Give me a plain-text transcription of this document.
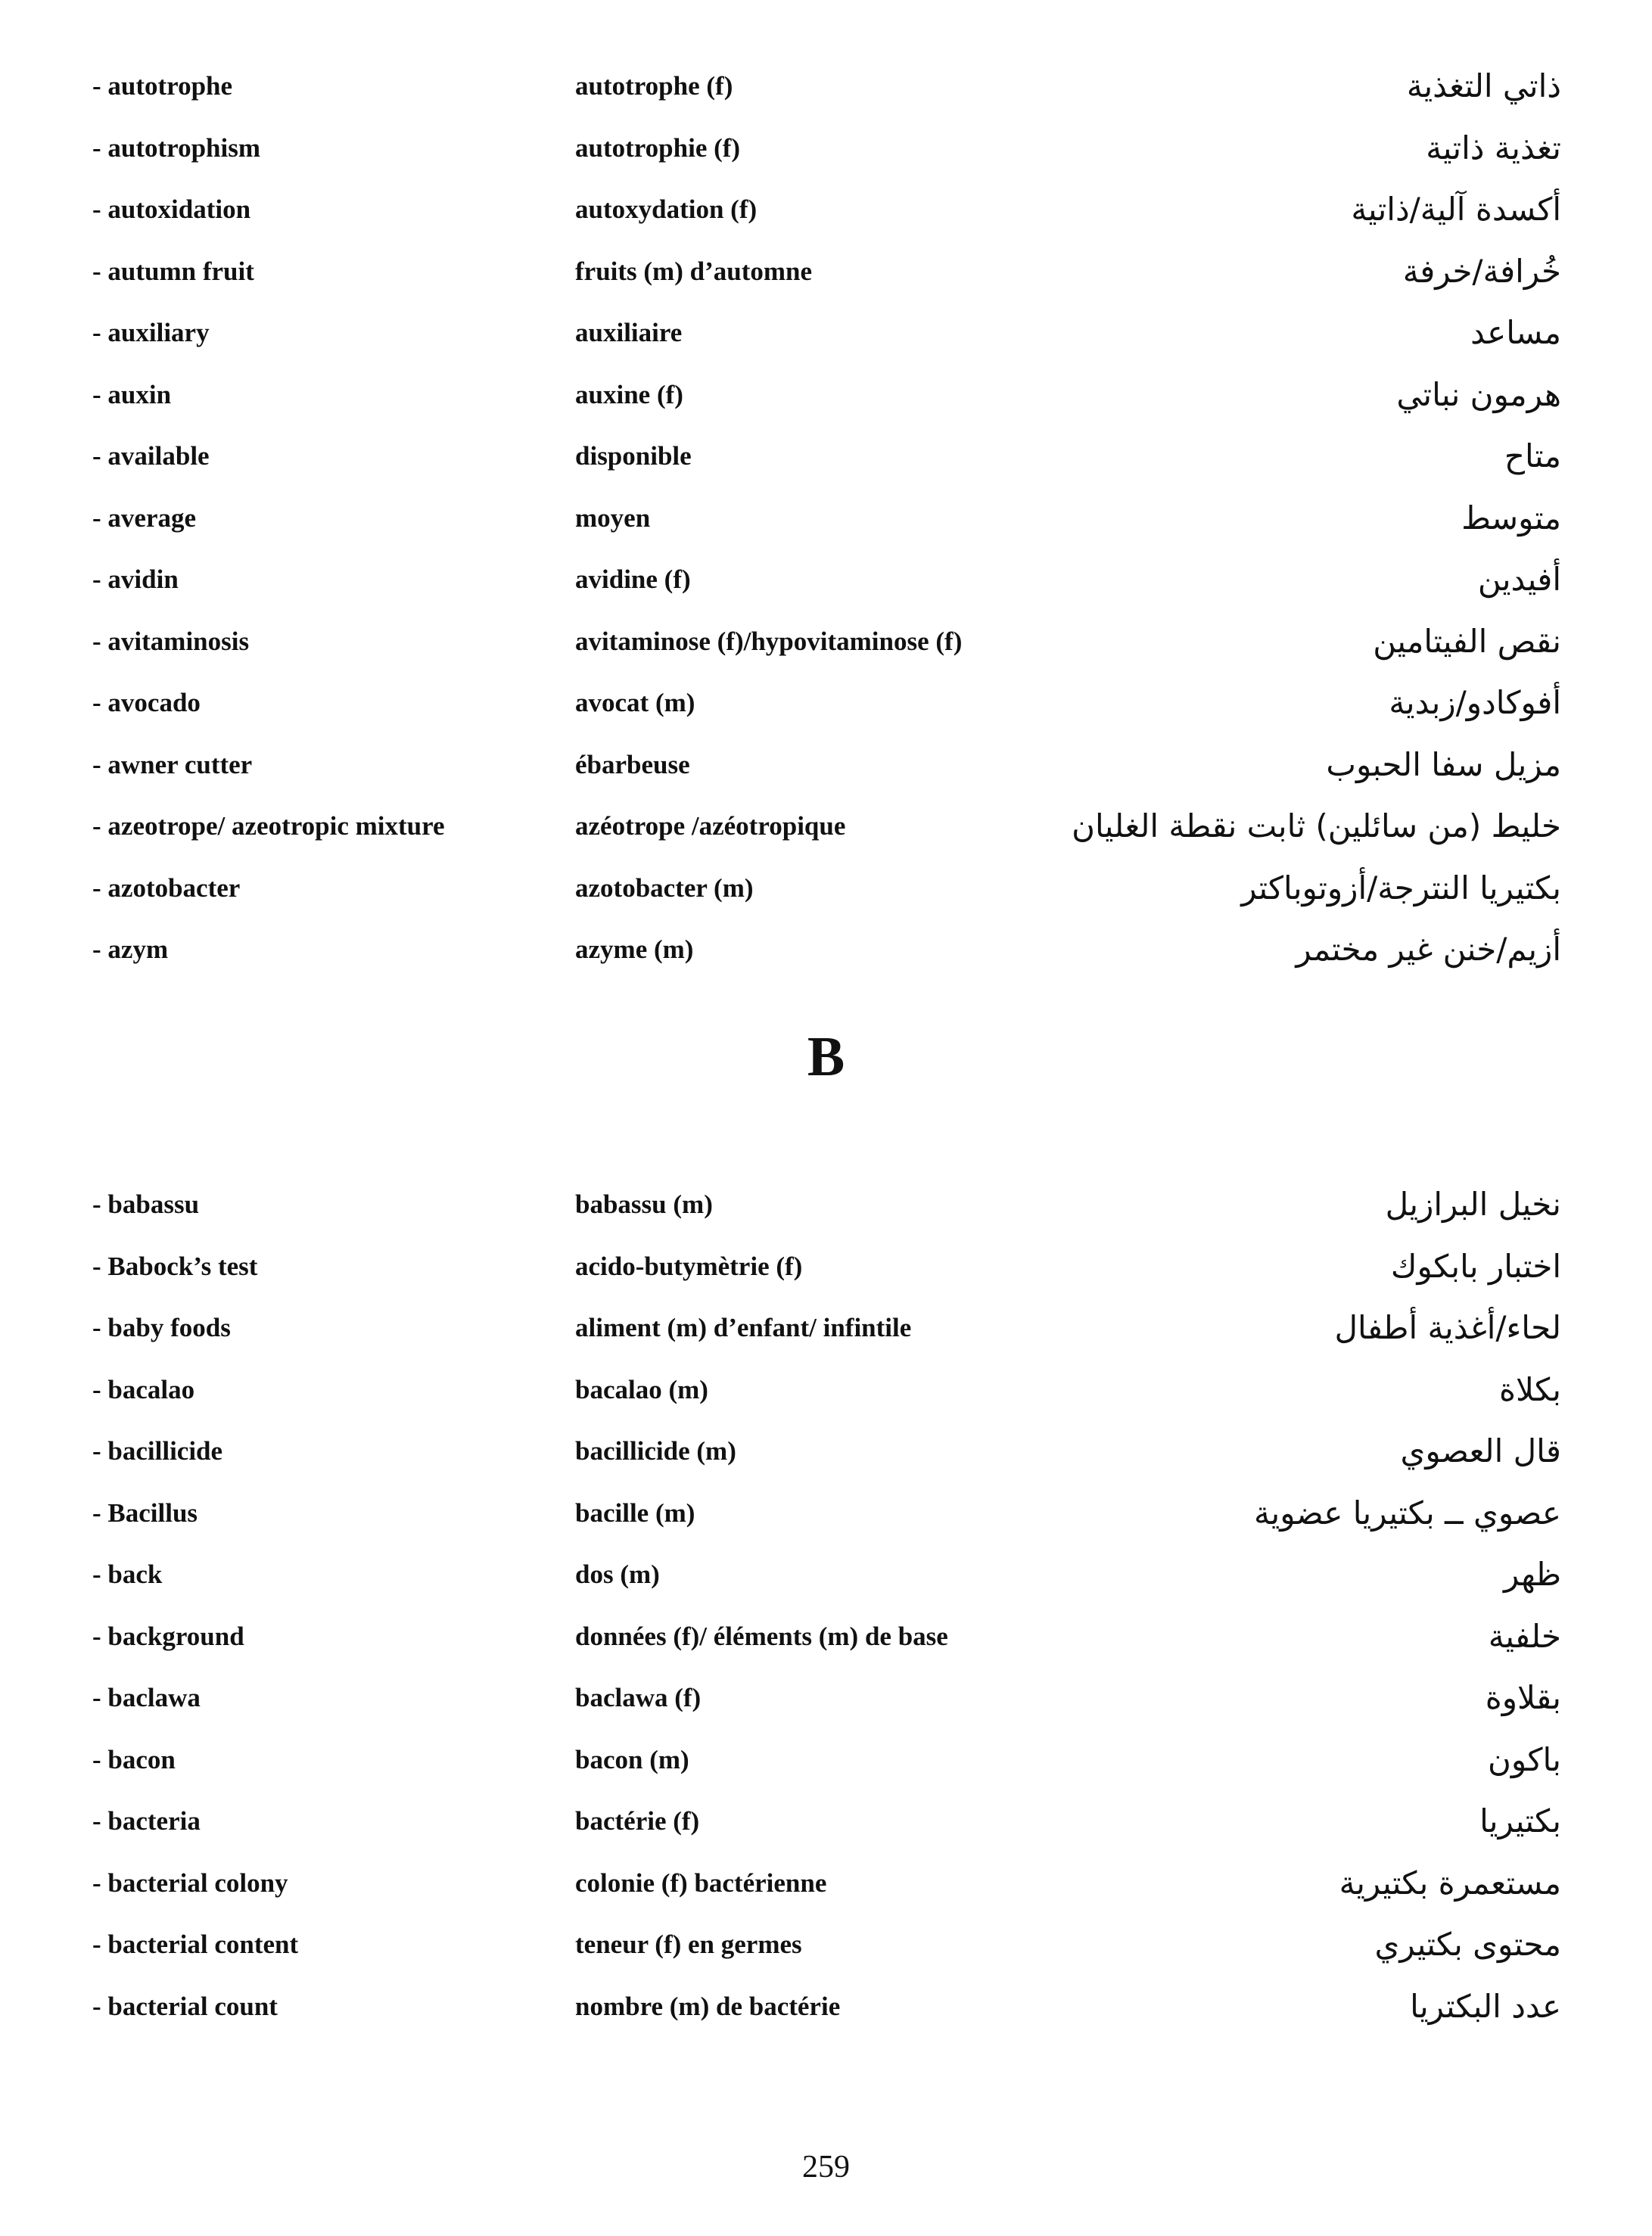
- autotrophe	autotrophe (f)	ذاتي التغذية
- autotrophism	autotrophie (f)	تغذية ذاتية
- autoxidation	autoxydation (f)	أكسدة آلية/ذاتية
- autumn fruit	fruits (m) d’automne	خُرافة/خرفة
- auxiliary	auxiliaire	مساعد
- auxin	auxine (f)	هرمون نباتي
- available	disponible	متاح
- average	moyen	متوسط
- avidin	avidine (f)	أفيدين
- avitaminosis	avitaminose (f)/hypovitaminose (f)	نقص الفيتامين
- avocado	avocat (m)	أفوكادو/زبدية
- awner cutter	ébarbeuse	مزيل سفا الحبوب
- azeotrope/ azeotropic mixture	azéotrope /azéotropique	خليط (من سائلين) ثابت نقطة الغليان
- azotobacter	azotobacter (m)	بكتيريا النترجة/أزوتوباكتر
- azym	azyme (m)	أزيم/خنن غير مختمر
B
- babassu	babassu (m)	نخيل البرازيل
- Babock’s test	acido-butymètrie (f)	اختبار بابكوك
- baby foods	aliment (m) d’enfant/ infintile	لحاء/أغذية أطفال
- bacalao	bacalao (m)	بكلاة
- bacillicide	bacillicide (m)	قال العصوي
- Bacillus	bacille (m)	عصوي ــ بكتيريا عضوية
- back	dos (m)	ظهر
- background	données (f)/ éléments (m) de base	خلفية
- baclawa	baclawa (f)	بقلاوة
- bacon	bacon (m)	باكون
- bacteria	bactérie (f)	بكتيريا
- bacterial colony	colonie (f) bactérienne	مستعمرة بكتيرية
- bacterial content	teneur (f) en germes	محتوى بكتيري
- bacterial count	nombre (m) de bactérie	عدد البكتريا
259
